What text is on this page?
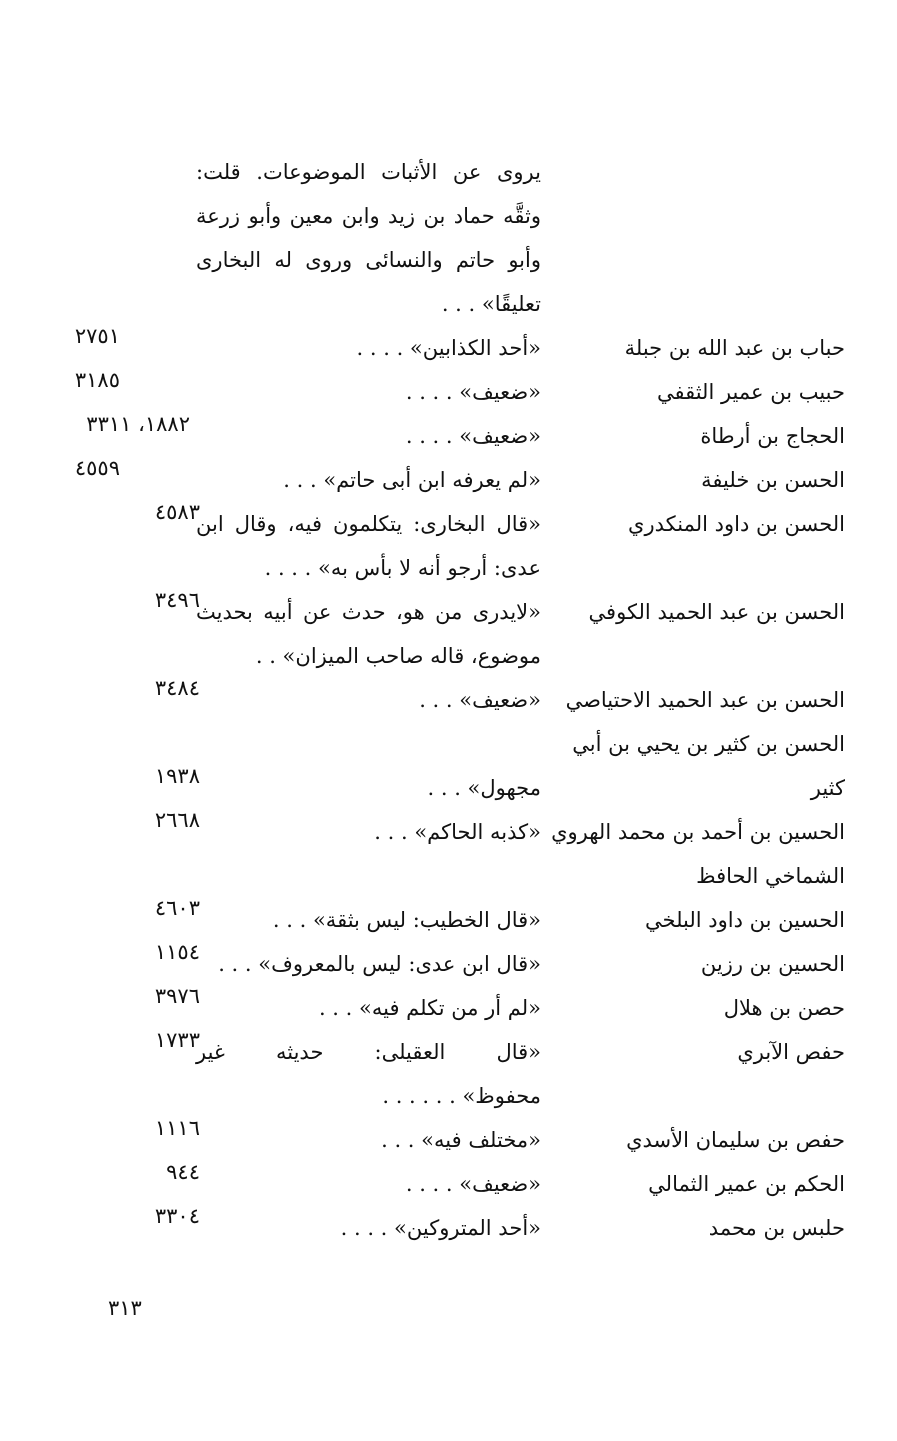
يروى عن الأثبات الموضوعات. قلت:
وثقَّه حماد بن زيد وابن معين وأبو زرعة
وأبو حاتم والنسائى وروى له البخارى
تعليقًا» . . .
حباب بن عبد الله بن جبلة
«أحد الكذابين» . . . .
٢٧٥١
حبيب بن عمير الثقفي
«ضعيف» . . . .
٣١٨٥
الحجاج بن أرطاة
«ضعيف» . . . .
١٨٨٢، ٣٣١١
الحسن بن خليفة
«لم يعرفه ابن أبى حاتم» . . .
٤٥٥٩
الحسن بن داود المنكدري
«قال البخارى: يتكلمون فيه، وقال ابن
٤٥٨٣
عدى: أرجو أنه لا بأس به» . . . .
الحسن بن عبد الحميد الكوفي
«لايدرى من هو، حدث عن أبيه بحديث
٣٤٩٦
موضوع، قاله صاحب الميزان» . .
الحسن بن عبد الحميد الاحتياصي
«ضعيف» . . .
٣٤٨٤
الحسن بن كثير بن يحيي بن أبي
كثير
مجهول» . . .
١٩٣٨
الحسين بن أحمد بن محمد الهروي
«كذبه الحاكم» . . .
٢٦٦٨
الشماخي الحافظ
الحسين بن داود البلخي
«قال الخطيب: ليس بثقة» . . .
٤٦٠٣
الحسين بن رزين
«قال ابن عدى: ليس بالمعروف» . . .
١١٥٤
حصن بن هلال
«لم أر من تكلم فيه» . . .
٣٩٧٦
حفص الآبري
«قال العقيلى: حديثه غير
١٧٣٣
محفوظ» . . . . . .
حفص بن سليمان الأسدي
«مختلف فيه» . . .
١١١٦
الحكم بن عمير الثمالي
«ضعيف» . . . .
٩٤٤
حلبس بن محمد
«أحد المتروكين» . . . .
٣٣٠٤
٣١٣
